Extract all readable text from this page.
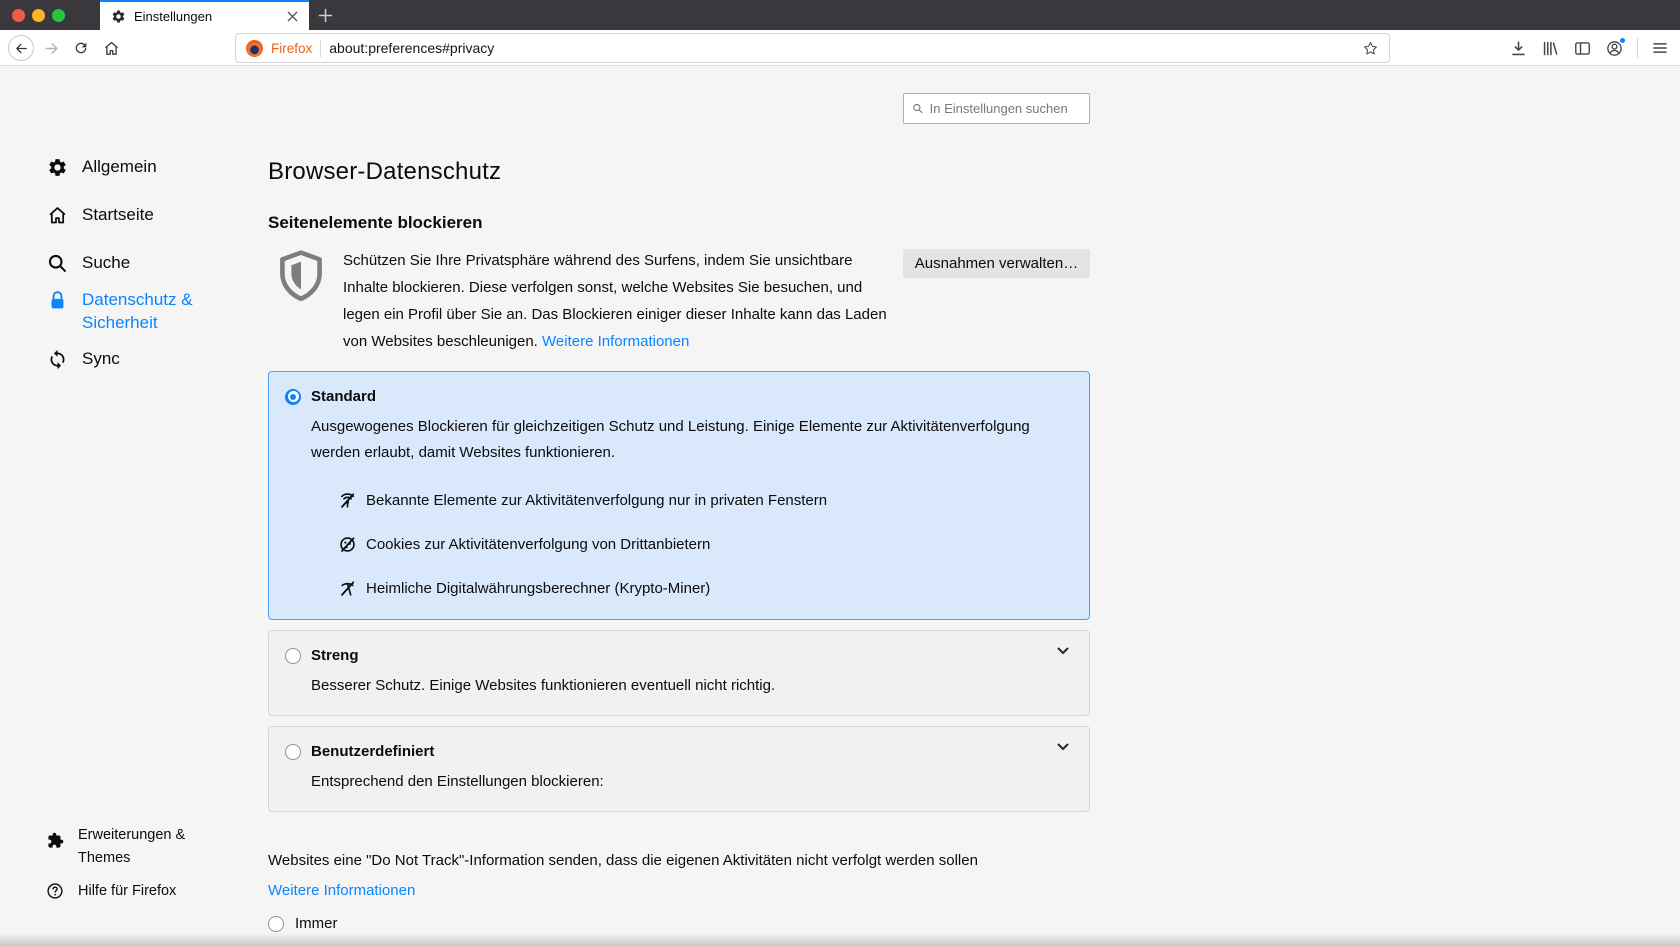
Einstellungen
Firefox about:preferences#privacy
In Einstellungen suchen
Allgemein
Startseite
Suche
Datenschutz & Sicherheit
Sync
Erweiterungen & Themes
Hilfe für Firefox
Browser-Datenschutz
Seitenelemente blockieren

Schützen Sie Ihre Privatsphäre während des Surfens, indem Sie unsichtbare Inhalte blockieren. Diese verfolgen sonst, welche Websites Sie besuchen, und legen ein Profil über Sie an. Das Blockieren einiger dieser Inhalte kann das Laden von Websites beschleunigen. Weitere Informationen

Ausnahmen verwalten…
Standard

Ausgewogenes Blockieren für gleichzeitigen Schutz und Leistung. Einige Elemente zur Aktivitätenverfolgung werden erlaubt, damit Websites funktionieren.

Bekannte Elemente zur Aktivitätenverfolgung nur in privaten Fenstern
Cookies zur Aktivitätenverfolgung von Drittanbietern
Heimliche Digitalwährungsberechner (Krypto-Miner)
Streng

Besserer Schutz. Einige Websites funktionieren eventuell nicht richtig.

Benutzerdefiniert

Entsprechend den Einstellungen blockieren:

Websites eine "Do Not Track"-Information senden, dass die eigenen Aktivitäten nicht verfolgt werden sollen

Weitere Informationen
Immer
